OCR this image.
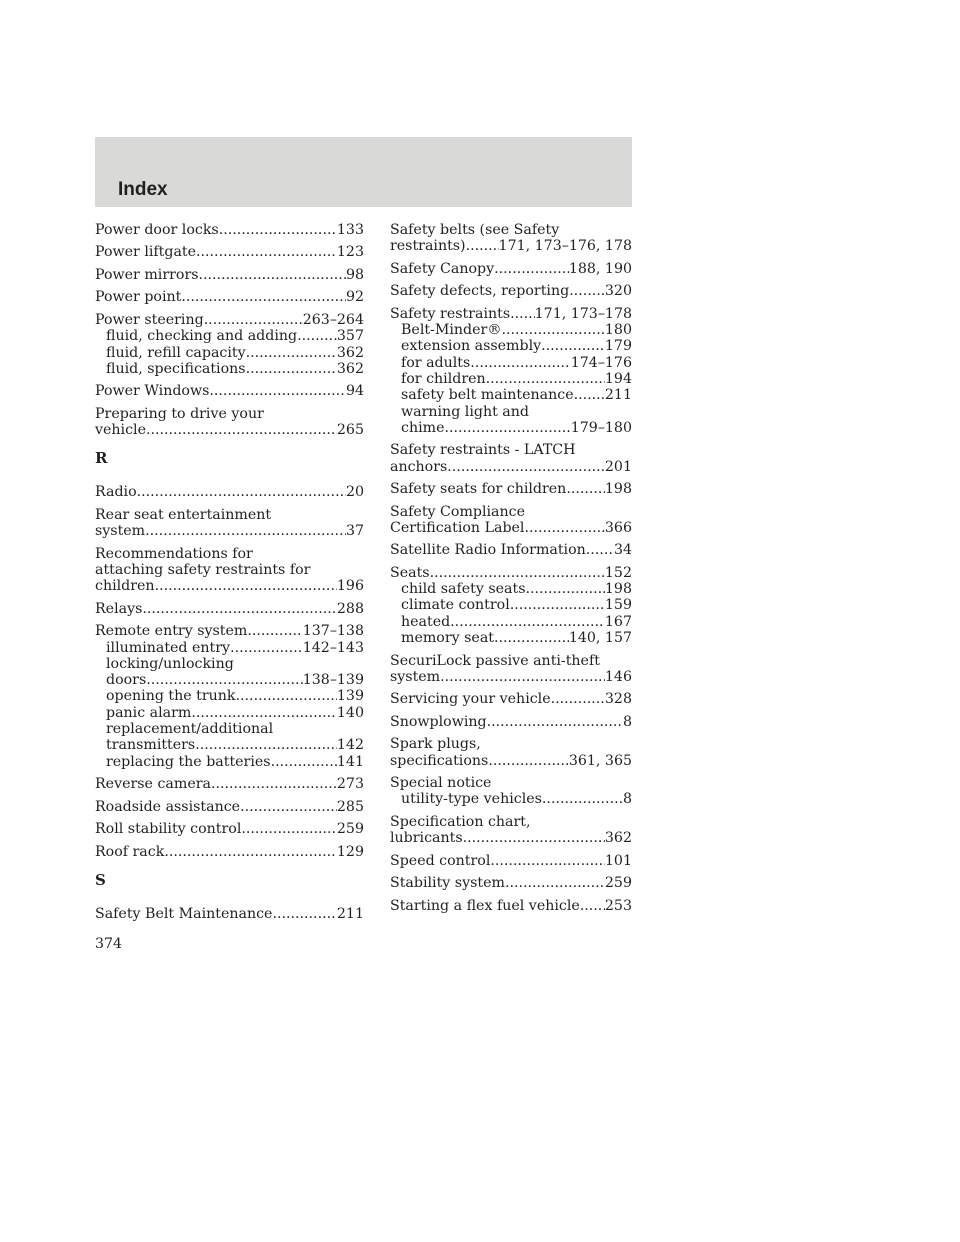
Index
Power door locks .....	133
Power liftgate .....	123
Power mirrors .....	98
Power point .....	92
Power steering .....	263–264
fluid, checking and adding .....	357
fluid, refill capacity .....	362
fluid, specifications .....	362
Power Windows .....	94
Preparing to drive your
vehicle .....	265
R
Radio .....	20
Rear seat entertainment
system .....	37
Recommendations for
attaching safety restraints for
children .....	196
Relays .....	288
Remote entry system .....	137–138
illuminated entry .....	142–143
locking/unlocking
doors .....	138–139
opening the trunk .....	139
panic alarm .....	140
replacement/additional
transmitters .....	142
replacing the batteries .....	141
Reverse camera .....	273
Roadside assistance .....	285
Roll stability control .....	259
Roof rack .....	129
S
Safety Belt Maintenance .....	211
Safety belts (see Safety
restraints) ..... 171, 173–176, 178
Safety Canopy .....	188, 190
Safety defects, reporting .....	320
Safety restraints ..... 171, 173–178
Belt-Minder® .....	180
extension assembly .....	179
for adults .....	174–176
for children .....	194
safety belt maintenance ..... 211
warning light and
chime .....	179–180
Safety restraints - LATCH
anchors .....	201
Safety seats for children .....	198
Safety Compliance
Certification Label .....	366
Satellite Radio Information ..... 34
Seats .....	152
child safety seats .....	198
climate control .....	159
heated .....	167
memory seat .....	140, 157
SecuriLock passive anti-theft
system .....	146
Servicing your vehicle .....	328
Snowplowing .....	8
Spark plugs,
specifications .....	361, 365
Special notice
utility-type vehicles .....	8
Specification chart,
lubricants .....	362
Speed control .....	101
Stability system .....	259
Starting a flex fuel vehicle ..... 253
374
